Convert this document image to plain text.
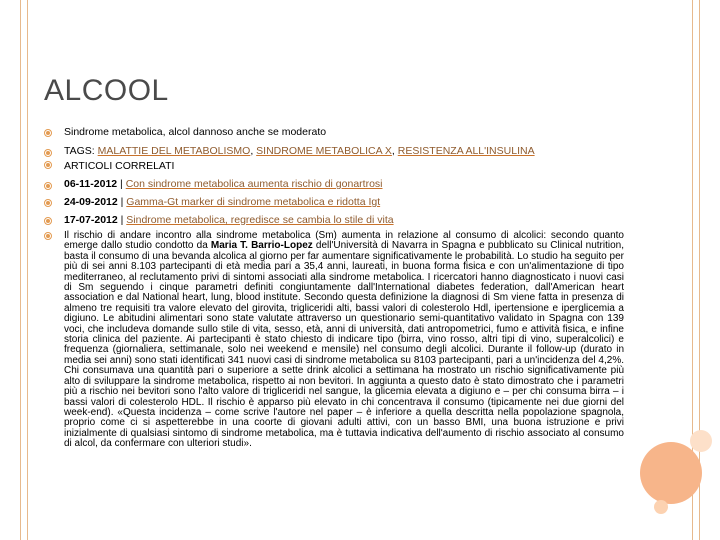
ALCOOL
Sindrome metabolica, alcol dannoso anche se moderato
TAGS: MALATTIE DEL METABOLISMO, SINDROME METABOLICA X, RESISTENZA ALL'INSULINA
ARTICOLI CORRELATI
06-11-2012 | Con sindrome metabolica aumenta rischio di gonartrosi
24-09-2012 | Gamma-Gt marker di sindrome metabolica e ridotta Igt
17-07-2012 | Sindrome metabolica, regredisce se cambia lo stile di vita
Il rischio di andare incontro alla sindrome metabolica (Sm) aumenta in relazione al consumo di alcolici: secondo quanto emerge dallo studio condotto da Maria T. Barrio-Lopez dell'Università di Navarra in Spagna e pubblicato su Clinical nutrition, basta il consumo di una bevanda alcolica al giorno per far aumentare significativamente le probabilità. Lo studio ha seguito per più di sei anni 8.103 partecipanti di età media pari a 35,4 anni, laureati, in buona forma fisica e con un'alimentazione di tipo mediterraneo, al reclutamento privi di sintomi associati alla sindrome metabolica. I ricercatori hanno diagnosticato i nuovi casi di Sm seguendo i cinque parametri definiti congiuntamente dall'International diabetes federation, dall'American heart association e dal National heart, lung, blood institute. Secondo questa definizione la diagnosi di Sm viene fatta in presenza di almeno tre requisiti tra valore elevato del girovita, trigliceridi alti, bassi valori di colesterolo Hdl, ipertensione e iperglicemia a digiuno. Le abitudini alimentari sono state valutate attraverso un questionario semi-quantitativo validato in Spagna con 139 voci, che includeva domande sullo stile di vita, sesso, età, anni di università, dati antropometrici, fumo e attività fisica, e infine storia clinica del paziente. Ai partecipanti è stato chiesto di indicare tipo (birra, vino rosso, altri tipi di vino, superalcolici) e frequenza (giornaliera, settimanale, solo nei weekend e mensile) nel consumo degli alcolici. Durante il follow-up (durato in media sei anni) sono stati identificati 341 nuovi casi di sindrome metabolica su 8103 partecipanti, pari a un'incidenza del 4,2%. Chi consumava una quantità pari o superiore a sette drink alcolici a settimana ha mostrato un rischio significativamente più alto di sviluppare la sindrome metabolica, rispetto ai non bevitori. In aggiunta a questo dato è stato dimostrato che i parametri più a rischio nei bevitori sono l'alto valore di trigliceridi nel sangue, la glicemia elevata a digiuno e – per chi consuma birra – i bassi valori di colesterolo HDL. Il rischio è apparso più elevato in chi concentrava il consumo (tipicamente nei due giorni del week-end). «Questa incidenza – come scrive l'autore nel paper – è inferiore a quella descritta nella popolazione spagnola, proprio come ci si aspetterebbe in una coorte di giovani adulti attivi, con un basso BMI, una buona istruzione e privi inizialmente di qualsiasi sintomo di sindrome metabolica, ma è tuttavia indicativa dell'aumento di rischio associato al consumo di alcol, da confermare con ulteriori studi».
